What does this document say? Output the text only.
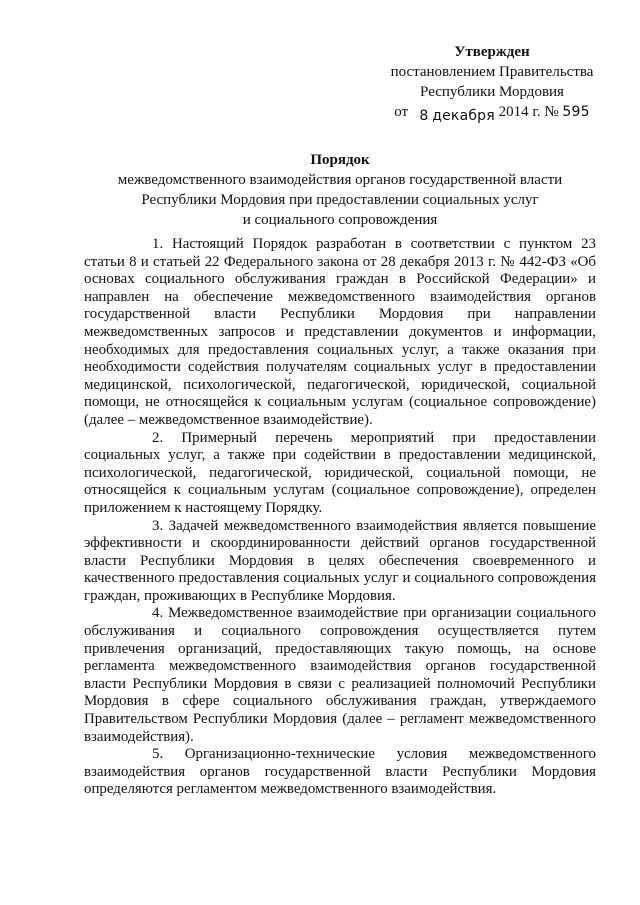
Утвержден
постановлением Правительства
Республики Мордовия
от 8 декабря 2014 г. № 595
Порядок
межведомственного взаимодействия органов государственной власти
Республики Мордовия при предоставлении социальных услуг
и социального сопровождения

1. Настоящий Порядок разработан в соответствии с пунктом 23 статьи 8 и статьей 22 Федерального закона от 28 декабря 2013 г. № 442-ФЗ «Об основах социального обслуживания граждан в Российской Федерации» и направлен на обеспечение межведомственного взаимодействия органов государственной власти Республики Мордовия при направлении межведомственных запросов и представлении документов и информации, необходимых для предоставления социальных услуг, а также оказания при необходимости содействия получателям социальных услуг в предоставлении медицинской, психологической, педагогической, юридической, социальной помощи, не относящейся к социальным услугам (социальное сопровождение) (далее – межведомственное взаимодействие).

2. Примерный перечень мероприятий при предоставлении социальных услуг, а также при содействии в предоставлении медицинской, психологической, педагогической, юридической, социальной помощи, не относящейся к социальным услугам (социальное сопровождение), определен приложением к настоящему Порядку.

3. Задачей межведомственного взаимодействия является повышение эффективности и скоординированности действий органов государственной власти Республики Мордовия в целях обеспечения своевременного и качественного предоставления социальных услуг и социального сопровождения граждан, проживающих в Республике Мордовия.

4. Межведомственное взаимодействие при организации социального обслуживания и социального сопровождения осуществляется путем привлечения организаций, предоставляющих такую помощь, на основе регламента межведомственного взаимодействия органов государственной власти Республики Мордовия в связи с реализацией полномочий Республики Мордовия в сфере социального обслуживания граждан, утверждаемого Правительством Республики Мордовия (далее – регламент межведомственного взаимодействия).

5. Организационно-технические условия межведомственного взаимодействия органов государственной власти Республики Мордовия определяются регламентом межведомственного взаимодействия.
